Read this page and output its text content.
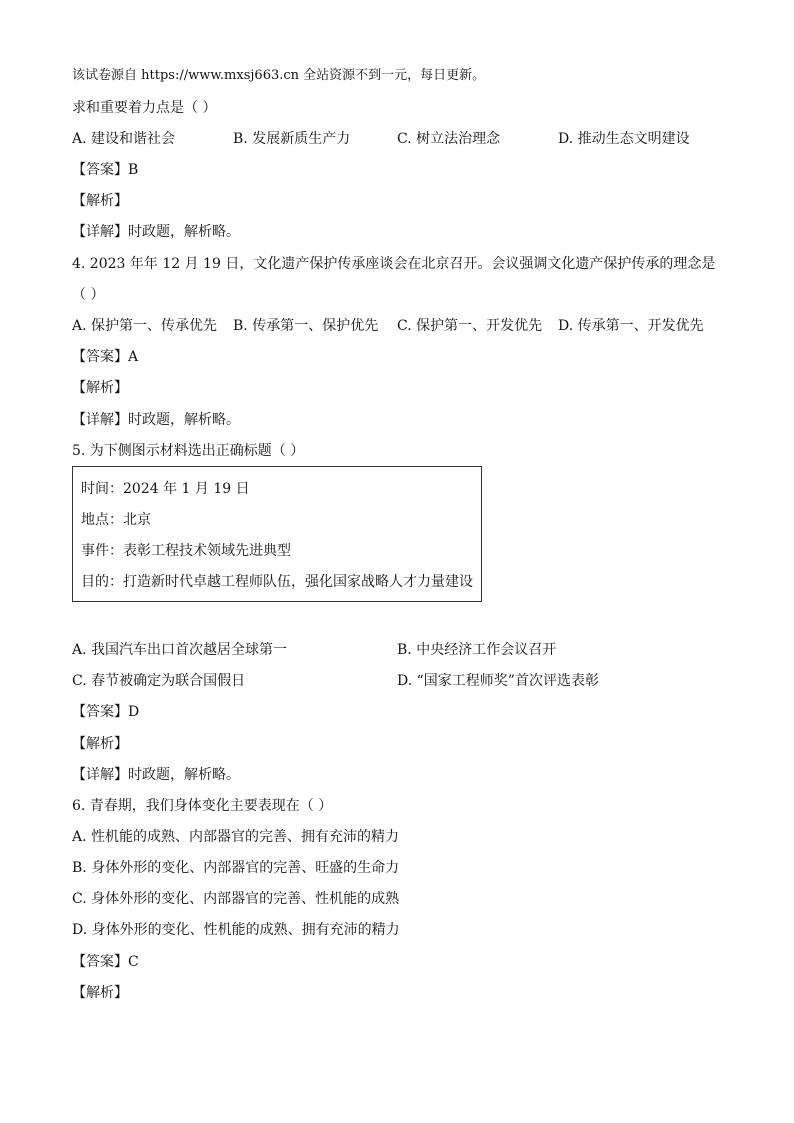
该试卷源自 https://www.mxsj663.cn 全站资源不到一元，每日更新。
求和重要着力点是（ ）
A. 建设和谐社会	B. 发展新质生产力	C. 树立法治理念	D. 推动生态文明建设
【答案】B
【解析】
【详解】时政题，解析略。
4. 2023 年年 12 月 19 日，文化遗产保护传承座谈会在北京召开。会议强调文化遗产保护传承的理念是
（ ）
A. 保护第一、传承优先 B. 传承第一、保护优先 C. 保护第一、开发优先 D. 传承第一、开发优先
【答案】A
【解析】
【详解】时政题，解析略。
5. 为下侧图示材料选出正确标题（ ）
时间：2024 年 1 月 19 日
地点：北京
事件：表彰工程技术领域先进典型
目的：打造新时代卓越工程师队伍，强化国家战略人才力量建设
A. 我国汽车出口首次越居全球第一	B. 中央经济工作会议召开
C. 春节被确定为联合国假日	D. “国家工程师奖”首次评选表彰
【答案】D
【解析】
【详解】时政题，解析略。
6. 青春期，我们身体变化主要表现在（ ）
A. 性机能的成熟、内部器官的完善、拥有充沛的精力
B. 身体外形的变化、内部器官的完善、旺盛的生命力
C. 身体外形的变化、内部器官的完善、性机能的成熟
D. 身体外形的变化、性机能的成熟、拥有充沛的精力
【答案】C
【解析】
